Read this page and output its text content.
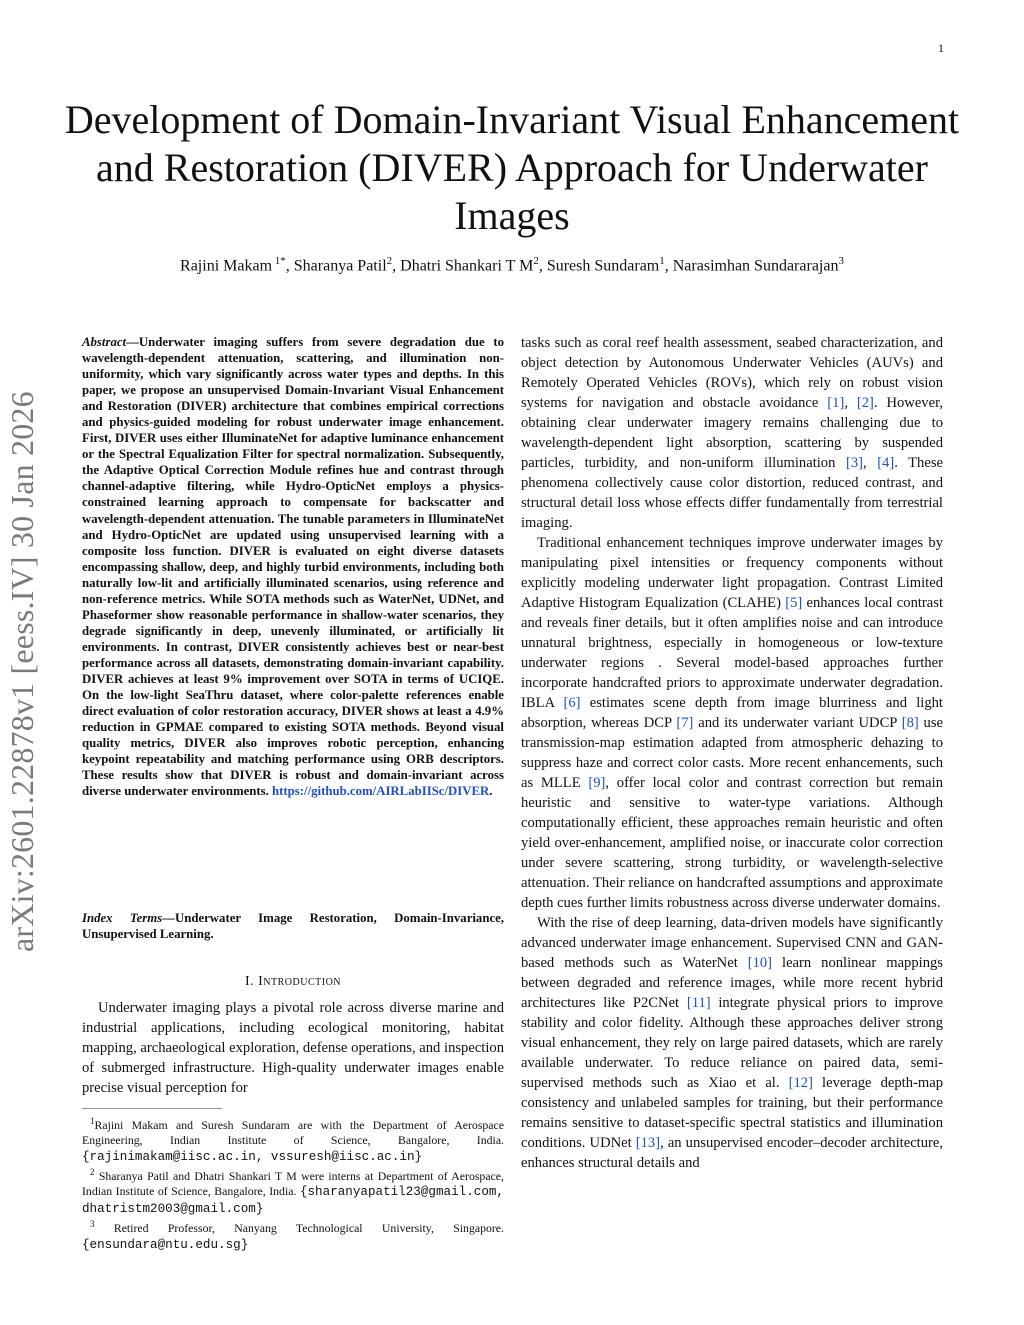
1
arXiv:2601.22878v1 [eess.IV] 30 Jan 2026
Development of Domain-Invariant Visual Enhancement and Restoration (DIVER) Approach for Underwater Images
Rajini Makam $^{1*}$, Sharanya Patil$^2$, Dhatri Shankari T $M^2$, Suresh Sundaram$^1$, Narasimhan Sundararajan$^3$
Abstract—Underwater imaging suffers from severe degradation due to wavelength-dependent attenuation, scattering, and illumination non-uniformity, which vary significantly across water types and depths. In this paper, we propose an unsupervised Domain-Invariant Visual Enhancement and Restoration (DIVER) architecture that combines empirical corrections and physics-guided modeling for robust underwater image enhancement. First, DIVER uses either IlluminateNet for adaptive luminance enhancement or the Spectral Equalization Filter for spectral normalization. Subsequently, the Adaptive Optical Correction Module refines hue and contrast through channel-adaptive filtering, while Hydro-OpticNet employs a physics-constrained learning approach to compensate for backscatter and wavelength-dependent attenuation. The tunable parameters in IlluminateNet and Hydro-OpticNet are updated using unsupervised learning with a composite loss function. DIVER is evaluated on eight diverse datasets encompassing shallow, deep, and highly turbid environments, including both naturally low-lit and artificially illuminated scenarios, using reference and non-reference metrics. While SOTA methods such as WaterNet, UDNet, and Phaseformer show reasonable performance in shallow-water scenarios, they degrade significantly in deep, unevenly illuminated, or artificially lit environments. In contrast, DIVER consistently achieves best or near-best performance across all datasets, demonstrating domain-invariant capability. DIVER achieves at least 9% improvement over SOTA in terms of UCIQE. On the low-light SeaThru dataset, where color-palette references enable direct evaluation of color restoration accuracy, DIVER shows at least a 4.9% reduction in GPMAE compared to existing SOTA methods. Beyond visual quality metrics, DIVER also improves robotic perception, enhancing keypoint repeatability and matching performance using ORB descriptors. These results show that DIVER is robust and domain-invariant across diverse underwater environments. https://github.com/AIRLabIISc/DIVER.
Index Terms—Underwater Image Restoration, Domain-Invariance, Unsupervised Learning.
I. Introduction

Underwater imaging plays a pivotal role across diverse marine and industrial applications, including ecological monitoring, habitat mapping, archaeological exploration, defense operations, and inspection of submerged infrastructure. High-quality underwater images enable precise visual perception for

$^1$Rajini Makam and Suresh Sundaram are with the Department of Aerospace Engineering, Indian Institute of Science, Bangalore, India. {rajinimakam@iisc.ac.in, vssuresh@iisc.ac.in}

$^2$ Sharanya Patil and Dhatri Shankari T M were interns at Department of Aerospace, Indian Institute of Science, Bangalore, India. {sharanyapatil23@gmail.com, dhatristm2003@gmail.com}

$^3$ Retired Professor, Nanyang Technological University, Singapore. {ensundara@ntu.edu.sg}

tasks such as coral reef health assessment, seabed characterization, and object detection by Autonomous Underwater Vehicles (AUVs) and Remotely Operated Vehicles (ROVs), which rely on robust vision systems for navigation and obstacle avoidance [1], [2]. However, obtaining clear underwater imagery remains challenging due to wavelength-dependent light absorption, scattering by suspended particles, turbidity, and non-uniform illumination [3], [4]. These phenomena collectively cause color distortion, reduced contrast, and structural detail loss whose effects differ fundamentally from terrestrial imaging.

Traditional enhancement techniques improve underwater images by manipulating pixel intensities or frequency components without explicitly modeling underwater light propagation. Contrast Limited Adaptive Histogram Equalization (CLAHE) [5] enhances local contrast and reveals finer details, but it often amplifies noise and can introduce unnatural brightness, especially in homogeneous or low-texture underwater regions . Several model-based approaches further incorporate handcrafted priors to approximate underwater degradation. IBLA [6] estimates scene depth from image blurriness and light absorption, whereas DCP [7] and its underwater variant UDCP [8] use transmission-map estimation adapted from atmospheric dehazing to suppress haze and correct color casts. More recent enhancements, such as MLLE [9], offer local color and contrast correction but remain heuristic and sensitive to water-type variations. Although computationally efficient, these approaches remain heuristic and often yield over-enhancement, amplified noise, or inaccurate color correction under severe scattering, strong turbidity, or wavelength-selective attenuation. Their reliance on handcrafted assumptions and approximate depth cues further limits robustness across diverse underwater domains.

With the rise of deep learning, data-driven models have significantly advanced underwater image enhancement. Supervised CNN and GAN-based methods such as WaterNet [10] learn nonlinear mappings between degraded and reference images, while more recent hybrid architectures like P2CNet [11] integrate physical priors to improve stability and color fidelity. Although these approaches deliver strong visual enhancement, they rely on large paired datasets, which are rarely available underwater. To reduce reliance on paired data, semi-supervised methods such as Xiao et al. [12] leverage depth-map consistency and unlabeled samples for training, but their performance remains sensitive to dataset-specific spectral statistics and illumination conditions. UDNet [13], an unsupervised encoder–decoder architecture, enhances structural details and
